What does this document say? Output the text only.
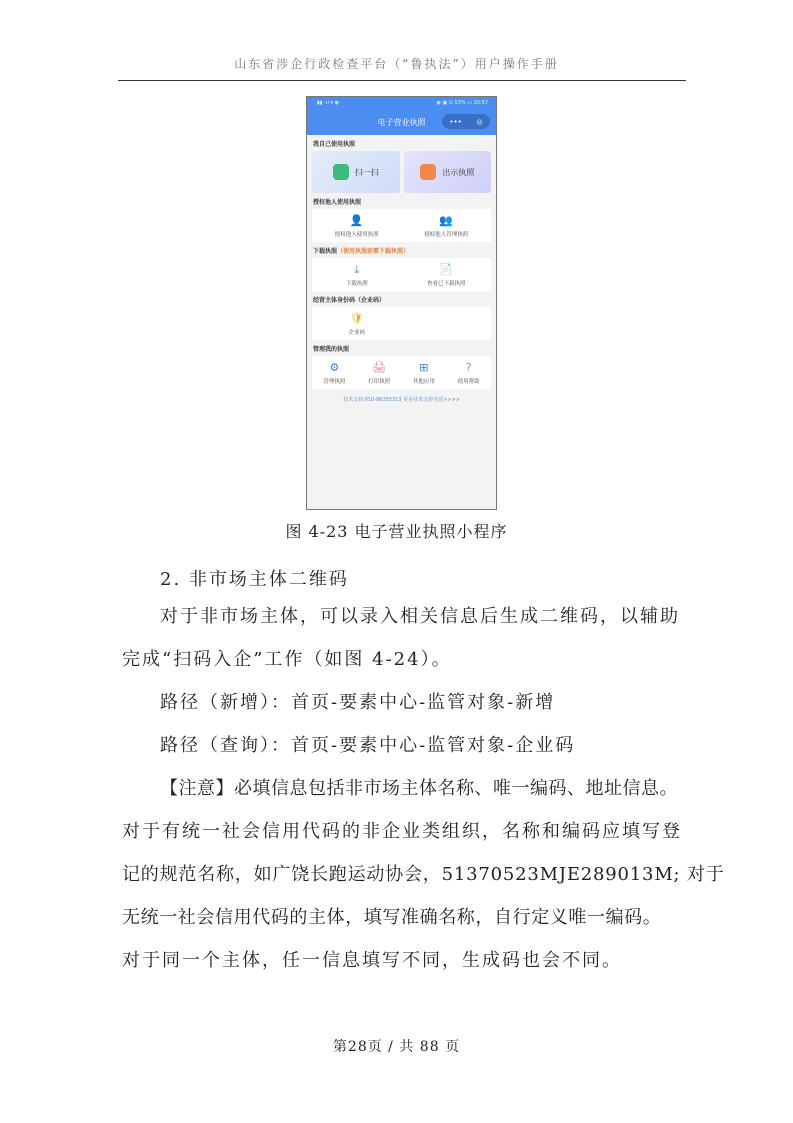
山东省涉企行政检查平台（“鲁执法”）用户操作手册
▮▮ ‹ıl ▾ ◉	◉ ▣ ⊙ 53% ▭ 20:57
电子营业执照	••• ◎
我自己使用执照
扫一扫	出示执照
授权他人使用执照
👤
授权他人使用执照
👥
授权他人管理执照
下载执照（使用执照前需下载执照）
⤓
下载执照
📄
查看已下载执照
经营主体身份码（企业码）
🛡
企业码
管理我的执照
⚙
管理执照
🖨
打印执照
⊞
其他应用
?
使用帮助
技术支持:010-86355313 更多技术支持电话>>>>
图 4-23 电子营业执照小程序
2. 非市场主体二维码
对于非市场主体，可以录入相关信息后生成二维码，以辅助
完成“扫码入企”工作（如图 4-24）。
路径（新增）：首页-要素中心-监管对象-新增
路径（查询）：首页-要素中心-监管对象-企业码
【注意】必填信息包括非市场主体名称、唯一编码、地址信息。
对于有统一社会信用代码的非企业类组织，名称和编码应填写登
记的规范名称，如广饶长跑运动协会，51370523MJE289013M; 对于
无统一社会信用代码的主体，填写准确名称，自行定义唯一编码。
对于同一个主体，任一信息填写不同，生成码也会不同。
第28页 / 共 88 页
